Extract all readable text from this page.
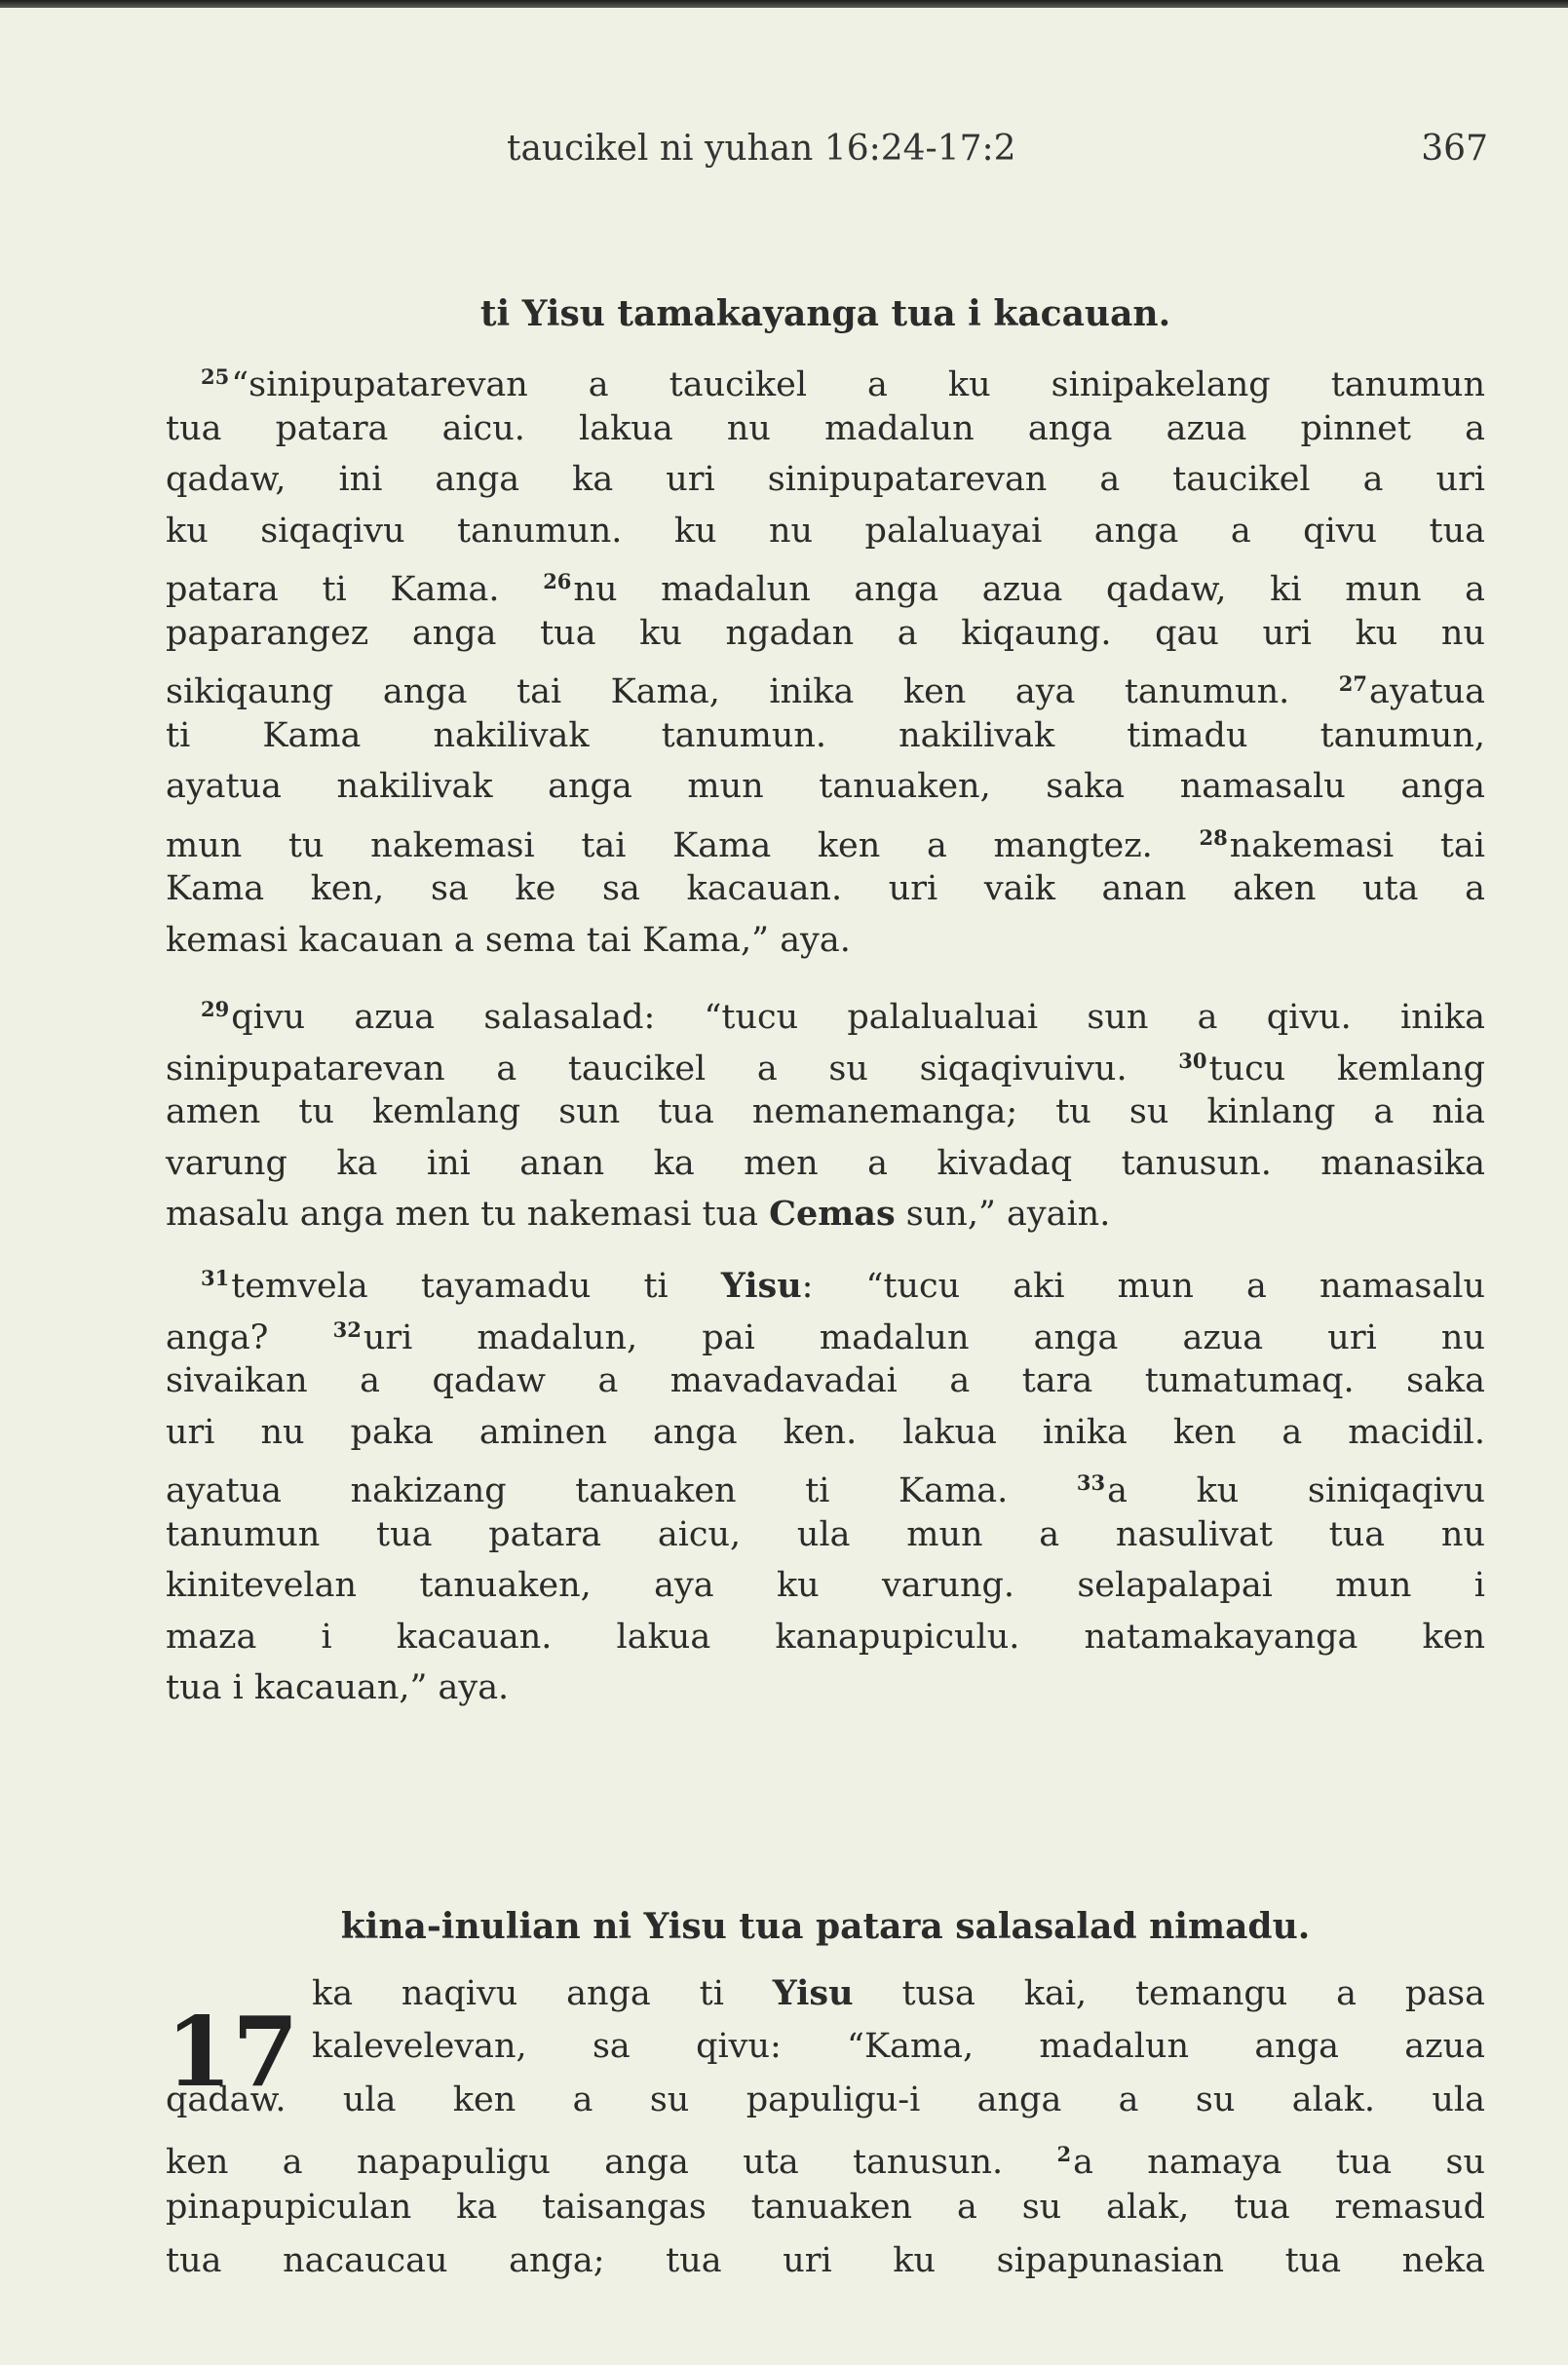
taucikel ni yuhan 16:24-17:2	367
ti Yisu tamakayanga tua i kacauan.
$^{25}$“sinipupatarevan a taucikel a ku sinipakelang tanumun
tua patara aicu. lakua nu madalun anga azua pinnet a
qadaw, ini anga ka uri sinipupatarevan a taucikel a uri
ku siqaqivu tanumun. ku nu palaluayai anga a qivu tua
patara ti Kama. $^{26}$nu madalun anga azua qadaw, ki mun a
paparangez anga tua ku ngadan a kiqaung. qau uri ku nu
sikiqaung anga tai Kama, inika ken aya tanumun. $^{27}$ayatua
ti Kama nakilivak tanumun. nakilivak timadu tanumun,
ayatua nakilivak anga mun tanuaken, saka namasalu anga
mun tu nakemasi tai Kama ken a mangtez. $^{28}$nakemasi tai
Kama ken, sa ke sa kacauan. uri vaik anan aken uta a
kemasi kacauan a sema tai Kama,” aya.
$^{29}$qivu azua salasalad: “tucu palalualuai sun a qivu. inika
sinipupatarevan a taucikel a su siqaqivuivu. $^{30}$tucu kemlang
amen tu kemlang sun tua nemanemanga; tu su kinlang a nia
varung ka ini anan ka men a kivadaq tanusun. manasika
masalu anga men tu nakemasi tua Cemas sun,” ayain.
$^{31}$temvela tayamadu ti Yisu: “tucu aki mun a namasalu
anga? $^{32}$uri madalun, pai madalun anga azua uri nu
sivaikan a qadaw a mavadavadai a tara tumatumaq. saka
uri nu paka aminen anga ken. lakua inika ken a macidil.
ayatua nakizang tanuaken ti Kama. $^{33}$a ku siniqaqivu
tanumun tua patara aicu, ula mun a nasulivat tua nu
kinitevelan tanuaken, aya ku varung. selapalapai mun i
maza i kacauan. lakua kanapupiculu. natamakayanga ken
tua i kacauan,” aya.
kina-inulian ni Yisu tua patara salasalad nimadu.
17
ka naqivu anga ti Yisu tusa kai, temangu a pasa
kalevelevan, sa qivu: “Kama, madalun anga azua
qadaw. ula ken a su papuligu-i anga a su alak. ula
ken a napapuligu anga uta tanusun. $^2$a namaya tua su
pinapupiculan ka taisangas tanuaken a su alak, tua remasud
tua nacaucau anga; tua uri ku sipapunasian tua neka
